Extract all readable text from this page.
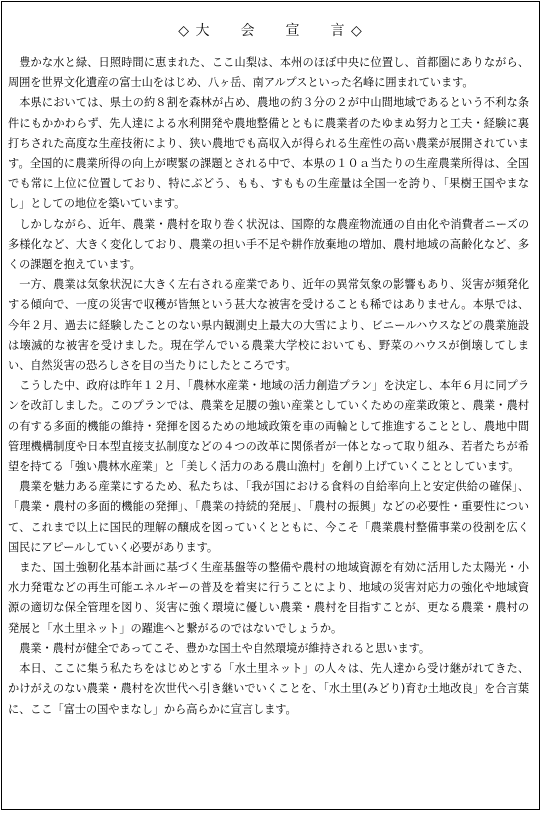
◇ 大　　会　　宣　　言 ◇

豊かな水と緑、日照時間に恵まれた、ここ山梨は、本州のほぼ中央に位置し、首都圏にありながら、周囲を世界文化遺産の富士山をはじめ、八ヶ岳、南アルプスといった名峰に囲まれています。

本県においては、県土の約８割を森林が占め、農地の約３分の２が中山間地域であるという不利な条件にもかかわらず、先人達による水利開発や農地整備とともに農業者のたゆまぬ努力と工夫・経験に裏打ちされた高度な生産技術により、狭い農地でも高収入が得られる生産性の高い農業が展開されています。全国的に農業所得の向上が喫緊の課題とされる中で、本県の１０ａ当たりの生産農業所得は、全国でも常に上位に位置しており、特にぶどう、もも、すももの生産量は全国一を誇り、「果樹王国やまなし」としての地位を築いています。

しかしながら、近年、農業・農村を取り巻く状況は、国際的な農産物流通の自由化や消費者ニーズの多様化など、大きく変化しており、農業の担い手不足や耕作放棄地の増加、農村地域の高齢化など、多くの課題を抱えています。

一方、農業は気象状況に大きく左右される産業であり、近年の異常気象の影響もあり、災害が頻発化する傾向で、一度の災害で収穫が皆無という甚大な被害を受けることも稀ではありません。本県では、今年２月、過去に経験したことのない県内観測史上最大の大雪により、ビニールハウスなどの農業施設は壊滅的な被害を受けました。現在学んでいる農業大学校においても、野菜のハウスが倒壊してしまい、自然災害の恐ろしさを目の当たりにしたところです。

こうした中、政府は昨年１２月、「農林水産業・地域の活力創造プラン」を決定し、本年６月に同プランを改訂しました。このプランでは、農業を足腰の強い産業としていくための産業政策と、農業・農村の有する多面的機能の維持・発揮を図るための地域政策を車の両輪として推進することとし、農地中間管理機構制度や日本型直接支払制度などの４つの改革に関係者が一体となって取り組み、若者たちが希望を持てる「強い農林水産業」と「美しく活力のある農山漁村」を創り上げていくこととしています。

農業を魅力ある産業にするため、私たちは、「我が国における食料の自給率向上と安定供給の確保」、「農業・農村の多面的機能の発揮」、「農業の持続的発展」、「農村の振興」などの必要性・重要性について、これまで以上に国民的理解の醸成を図っていくとともに、今こそ「農業農村整備事業の役割を広く国民にアピールしていく必要があります。

また、国土強靭化基本計画に基づく生産基盤等の整備や農村の地域資源を有効に活用した太陽光・小水力発電などの再生可能エネルギーの普及を着実に行うことにより、地域の災害対応力の強化や地域資源の適切な保全管理を図り、災害に強く環境に優しい農業・農村を目指すことが、更なる農業・農村の発展と「水土里ネット」の躍進へと繋がるのではないでしょうか。

農業・農村が健全であってこそ、豊かな国土や自然環境が維持されると思います。

本日、ここに集う私たちをはじめとする「水土里ネット」の人々は、先人達から受け継がれてきた、かけがえのない農業・農村を次世代へ引き継いでいくことを、「水土里(みどり)育む土地改良」を合言葉に、ここ「富士の国やまなし」から高らかに宣言します。
